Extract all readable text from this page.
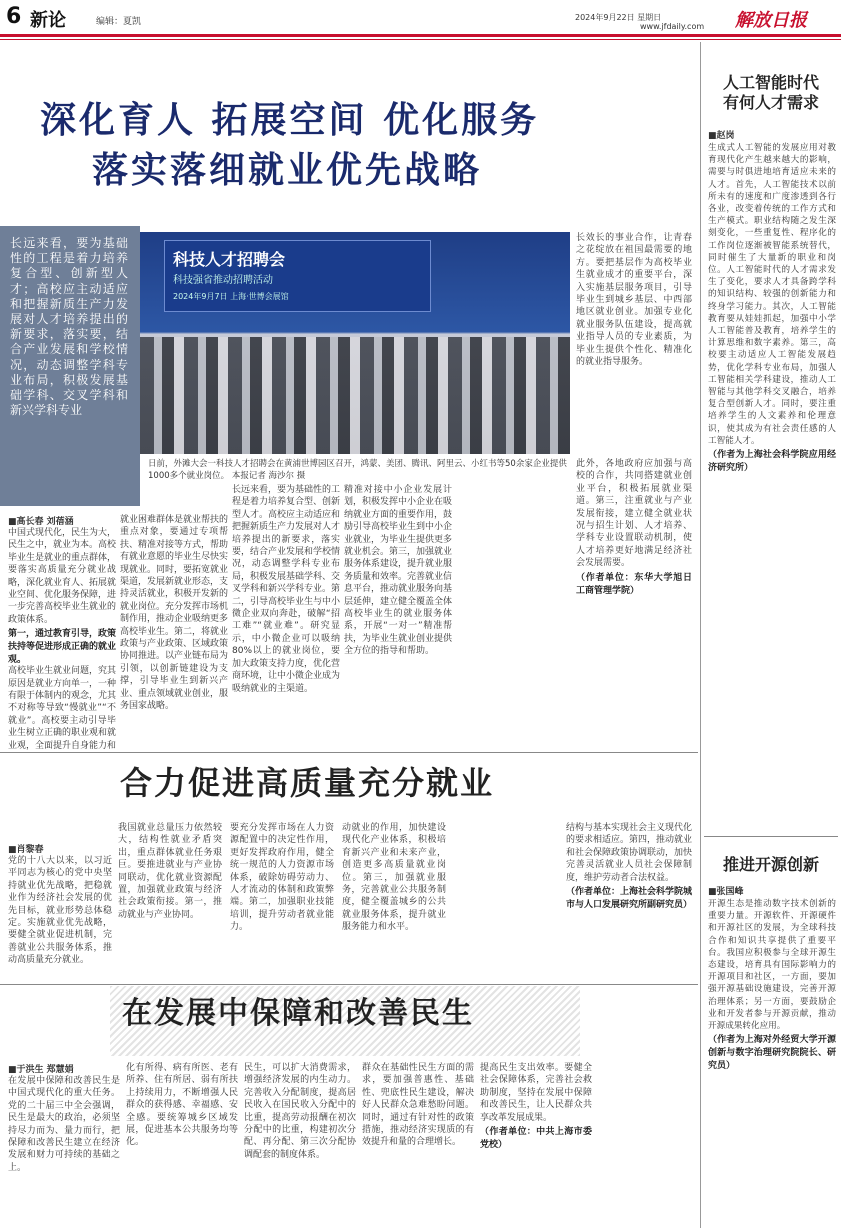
6 新论	编辑：夏凯	2024年9月22日 星期日
www.jfdaily.com 解放日报
深化育人 拓展空间 优化服务
落实落细就业优先战略
长远来看，要为基础性的工程是着力培养复合型、创新型人才；高校应主动适应和把握新质生产力发展对人才培养提出的新要求，落实要，结合产业发展和学校情况，动态调整学科专业布局，积极发展基础学科、交叉学科和新兴学科专业
科技人才招聘会
科技强省推动招聘活动
2024年9月7日 上海·世博会展馆
日前，外滩大会一科技人才招聘会在黄浦世博园区召开，鸿蒙、美团、腾讯、阿里云、小红书等50余家企业提供1000多个就业岗位。 本报记者 海沙尔 摄
■高长春 刘蓓涵
中国式现代化，民生为大，民生之中，就业为本。高校毕业生是就业的重点群体，要落实高质量充分就业战略，深化就业育人、拓展就业空间、优化服务保障，进一步完善高校毕业生就业的政策体系。
第一，通过教育引导，政策扶持等促进形成正确的就业观。
高校毕业生就业问题，究其原因是就业方向单一，一种有限于体制内的观念，尤其不对称等导致“慢就业”“不就业”。高校要主动引导毕业生树立正确的职业观和就业观，全面提升自身能力和
就业困难群体是就业帮扶的重点对象，要通过专项帮扶、精准对接等方式，帮助有就业意愿的毕业生尽快实现就业。同时，要拓宽就业渠道，发展新就业形态，支持灵活就业，积极开发新的就业岗位。充分发挥市场机制作用，推动企业吸纳更多高校毕业生。第二，将就业政策与产业政策、区域政策协同推进。以产业链布局为引领，以创新链建设为支撑，引导毕业生到新兴产业、重点领域就业创业，服务国家战略。
长远来看，要为基础性的工程是着力培养复合型、创新型人才。高校应主动适应和把握新质生产力发展对人才培养提出的新要求，落实要，结合产业发展和学校情况，动态调整学科专业布局，积极发展基础学科、交叉学科和新兴学科专业。第二，引导高校毕业生与中小微企业双向奔赴，破解“招工难”“就业难”。研究显示，中小微企业可以吸纳80%以上的就业岗位，要加大政策支持力度，优化营商环境，让中小微企业成为吸纳就业的主渠道。
精准对接中小企业发展计划，积极发挥中小企业在吸纳就业方面的重要作用，鼓励引导高校毕业生到中小企业就业，为毕业生提供更多就业机会。第三，加强就业服务体系建设，提升就业服务质量和效率。完善就业信息平台，推动就业服务向基层延伸，建立健全覆盖全体高校毕业生的就业服务体系，开展“一对一”精准帮扶，为毕业生就业创业提供全方位的指导和帮助。
长效长的事业合作，让青春之花绽放在祖国最需要的地方。要把基层作为高校毕业生就业成才的重要平台，深入实施基层服务项目，引导毕业生到城乡基层、中西部地区就业创业。加强专业化就业服务队伍建设，提高就业指导人员的专业素质，为毕业生提供个性化、精准化的就业指导服务。
此外，各地政府应加强与高校的合作，共同搭建就业创业平台，积极拓展就业渠道。第三，注重就业与产业发展衔接，建立健全就业状况与招生计划、人才培养、学科专业设置联动机制，使人才培养更好地满足经济社会发展需要。
（作者单位：东华大学旭日工商管理学院）
合力促进高质量充分就业
■肖黎春
党的十八大以来，以习近平同志为核心的党中央坚持就业优先战略，把稳就业作为经济社会发展的优先目标，就业形势总体稳定。实施就业优先战略，要健全就业促进机制，完善就业公共服务体系，推动高质量充分就业。
我国就业总量压力依然较大，结构性就业矛盾突出，重点群体就业任务艰巨。要推进就业与产业协同联动，优化就业资源配置，加强就业政策与经济社会政策衔接。第一，推动就业与产业协同。
要充分发挥市场在人力资源配置中的决定性作用，更好发挥政府作用，健全统一规范的人力资源市场体系，破除妨碍劳动力、人才流动的体制和政策弊端。第二，加强职业技能培训，提升劳动者就业能力。
动就业的作用，加快建设现代化产业体系，积极培育新兴产业和未来产业，创造更多高质量就业岗位。第三，加强就业服务，完善就业公共服务制度，健全覆盖城乡的公共就业服务体系，提升就业服务能力和水平。
结构与基本实现社会主义现代化的要求相适应。第四，推动就业和社会保障政策协调联动，加快完善灵活就业人员社会保障制度，维护劳动者合法权益。
（作者单位：上海社会科学院城市与人口发展研究所副研究员）
在发展中保障和改善民生
■于洪生 郑慧娟
在发展中保障和改善民生是中国式现代化的重大任务。党的二十届三中全会强调，民生是最大的政治，必须坚持尽力而为、量力而行，把保障和改善民生建立在经济发展和财力可持续的基础之上。
化有所得、病有所医、老有所养、住有所居、弱有所扶上持续用力，不断增强人民群众的获得感、幸福感、安全感。要统筹城乡区域发展，促进基本公共服务均等化。
民生，可以扩大消费需求，增强经济发展的内生动力。完善收入分配制度，提高居民收入在国民收入分配中的比重，提高劳动报酬在初次分配中的比重，构建初次分配、再分配、第三次分配协调配套的制度体系。
群众在基础性民生方面的需求，要加强普惠性、基础性、兜底性民生建设，解决好人民群众急难愁盼问题。同时，通过有针对性的政策措施，推动经济实现质的有效提升和量的合理增长。
提高民生支出效率。要健全社会保障体系，完善社会救助制度，坚持在发展中保障和改善民生，让人民群众共享改革发展成果。
（作者单位：中共上海市委党校）
人工智能时代
有何人才需求
■赵岗
生成式人工智能的发展应用对教育现代化产生越来越大的影响，需要与时俱进地培育适应未来的人才。首先，人工智能技术以前所未有的速度和广度渗透到各行各业，改变着传统的工作方式和生产模式。职业结构随之发生深刻变化，一些重复性、程序化的工作岗位逐渐被智能系统替代，同时催生了大量新的职业和岗位。人工智能时代的人才需求发生了变化，要求人才具备跨学科的知识结构、较强的创新能力和终身学习能力。其次，人工智能教育要从娃娃抓起，加强中小学人工智能普及教育，培养学生的计算思维和数字素养。第三，高校要主动适应人工智能发展趋势，优化学科专业布局，加强人工智能相关学科建设，推动人工智能与其他学科交叉融合，培养复合型创新人才。同时，要注重培养学生的人文素养和伦理意识，使其成为有社会责任感的人工智能人才。
（作者为上海社会科学院应用经济研究所）
推进开源创新
■张国峰
开源生态是推动数字技术创新的重要力量。开源软件、开源硬件和开源社区的发展，为全球科技合作和知识共享提供了重要平台。我国应积极参与全球开源生态建设，培育具有国际影响力的开源项目和社区，一方面，要加强开源基础设施建设，完善开源治理体系；另一方面，要鼓励企业和开发者参与开源贡献，推动开源成果转化应用。
（作者为上海对外经贸大学开源创新与数字治理研究院院长、研究员）
